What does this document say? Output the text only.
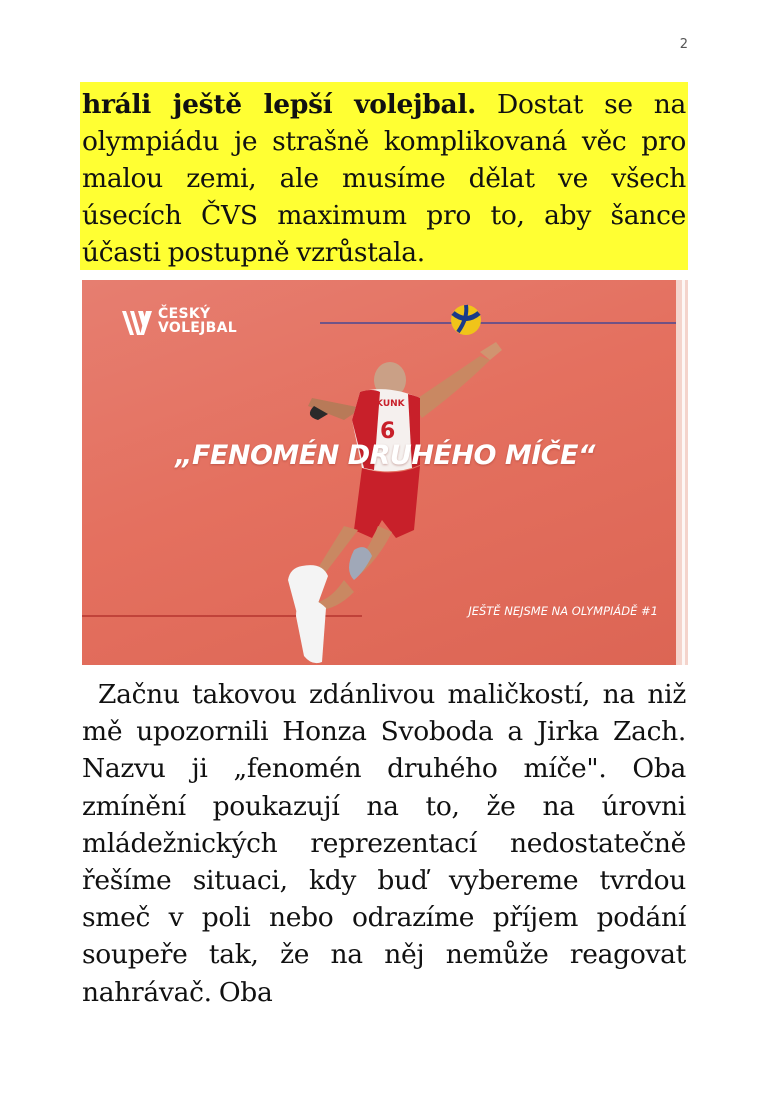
2
hráli ještě lepší volejbal. Dostat se na olympiádu je strašně komplikovaná věc pro malou zemi, ale musíme dělat ve všech úsecích ČVS maximum pro to, aby šance účasti postupně vzrůstala.
KUNK
6
ČESKÝ
VOLEJBAL
„FENOMÉN DRUHÉHO MÍČE“
JEŠTĚ NEJSME NA OLYMPIÁDĚ #1
Začnu takovou zdánlivou maličkostí, na niž mě upozornili Honza Svoboda a Jirka Zach. Nazvu ji „fenomén druhého míče". Oba zmínění poukazují na to, že na úrovni mládežnických reprezentací nedostatečně řešíme situaci, kdy buď vybereme tvrdou smeč v poli nebo odrazíme příjem podání soupeře tak, že na něj nemůže reagovat nahrávač. Oba
